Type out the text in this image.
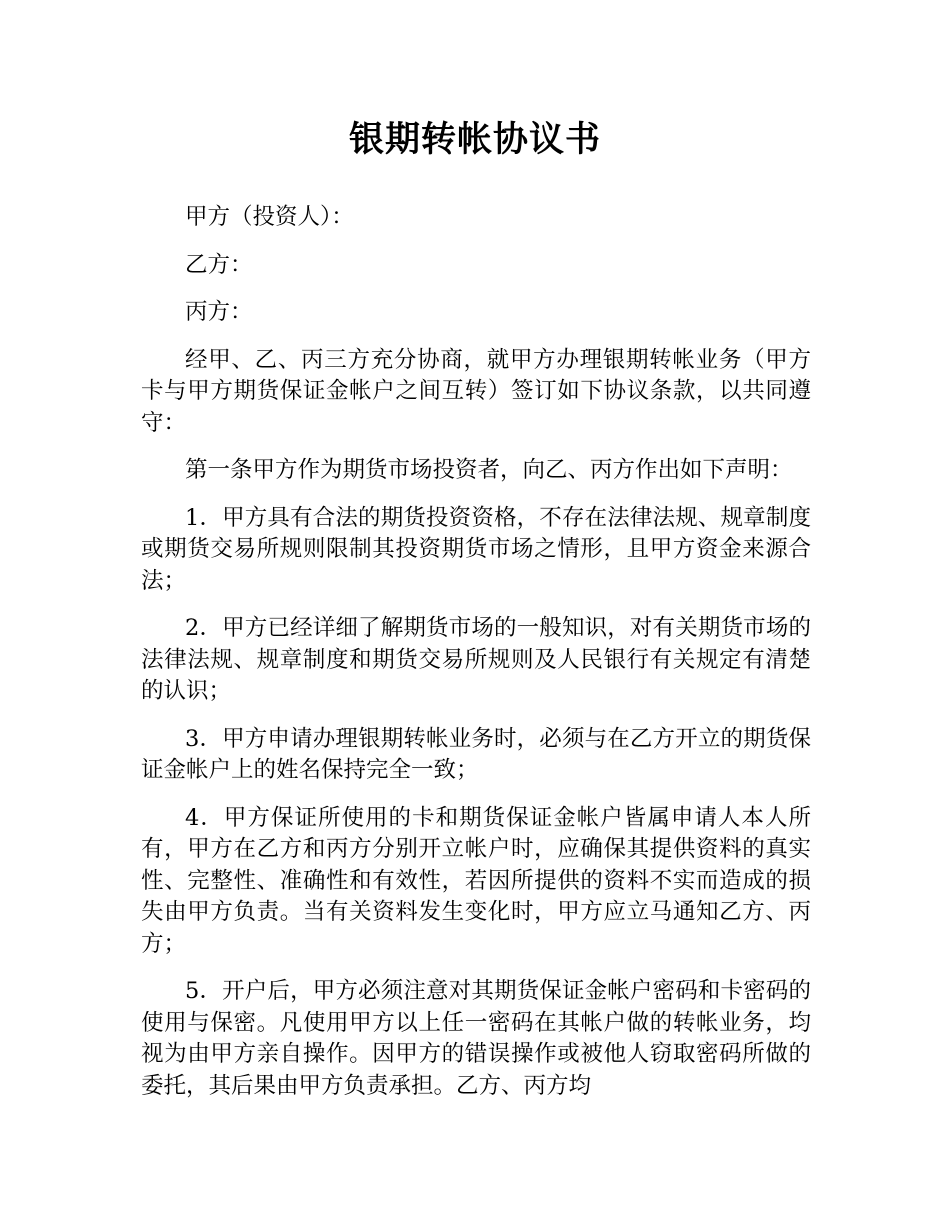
银期转帐协议书

甲方（投资人）：

乙方：

丙方：

经甲、乙、丙三方充分协商，就甲方办理银期转帐业务（甲方卡与甲方期货保证金帐户之间互转）签订如下协议条款，以共同遵守：

第一条甲方作为期货市场投资者，向乙、丙方作出如下声明：

1．甲方具有合法的期货投资资格，不存在法律法规、规章制度或期货交易所规则限制其投资期货市场之情形，且甲方资金来源合法；

2．甲方已经详细了解期货市场的一般知识，对有关期货市场的法律法规、规章制度和期货交易所规则及人民银行有关规定有清楚的认识；

3．甲方申请办理银期转帐业务时，必须与在乙方开立的期货保证金帐户上的姓名保持完全一致；

4．甲方保证所使用的卡和期货保证金帐户皆属申请人本人所有，甲方在乙方和丙方分别开立帐户时，应确保其提供资料的真实性、完整性、准确性和有效性，若因所提供的资料不实而造成的损失由甲方负责。当有关资料发生变化时，甲方应立马通知乙方、丙方；

5．开户后，甲方必须注意对其期货保证金帐户密码和卡密码的使用与保密。凡使用甲方以上任一密码在其帐户做的转帐业务，均视为由甲方亲自操作。因甲方的错误操作或被他人窃取密码所做的委托，其后果由甲方负责承担。乙方、丙方均
